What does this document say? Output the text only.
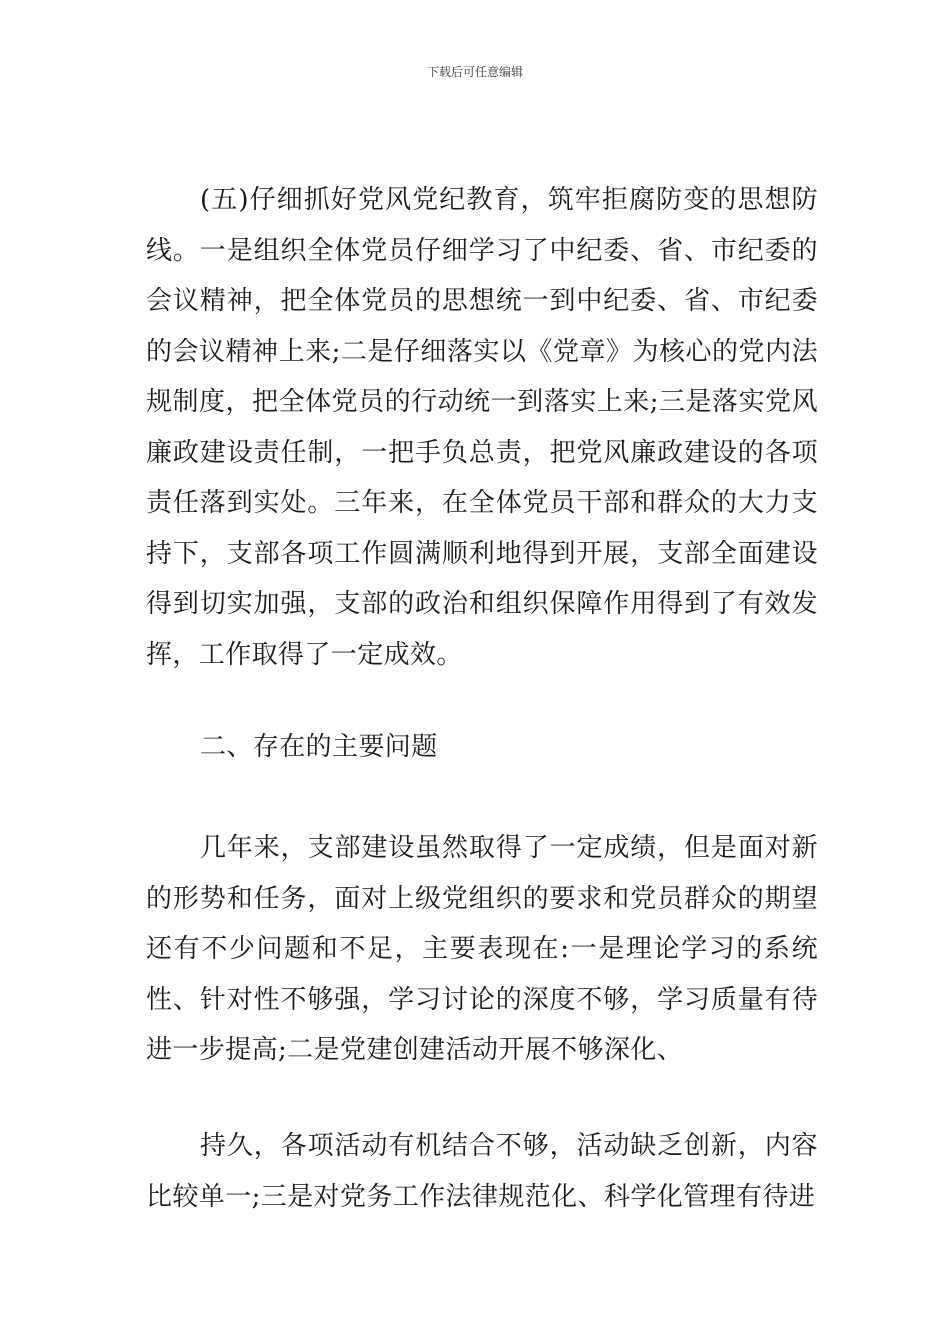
下载后可任意编辑

(五)仔细抓好党风党纪教育，筑牢拒腐防变的思想防线。一是组织全体党员仔细学习了中纪委、省、市纪委的会议精神，把全体党员的思想统一到中纪委、省、市纪委的会议精神上来;二是仔细落实以《党章》为核心的党内法规制度，把全体党员的行动统一到落实上来;三是落实党风廉政建设责任制，一把手负总责，把党风廉政建设的各项责任落到实处。三年来，在全体党员干部和群众的大力支持下，支部各项工作圆满顺利地得到开展，支部全面建设得到切实加强，支部的政治和组织保障作用得到了有效发挥，工作取得了一定成效。

二、存在的主要问题

几年来，支部建设虽然取得了一定成绩，但是面对新的形势和任务，面对上级党组织的要求和党员群众的期望还有不少问题和不足，主要表现在:一是理论学习的系统性、针对性不够强，学习讨论的深度不够，学习质量有待进一步提高;二是党建创建活动开展不够深化、

持久，各项活动有机结合不够，活动缺乏创新，内容比较单一;三是对党务工作法律规范化、科学化管理有待进
